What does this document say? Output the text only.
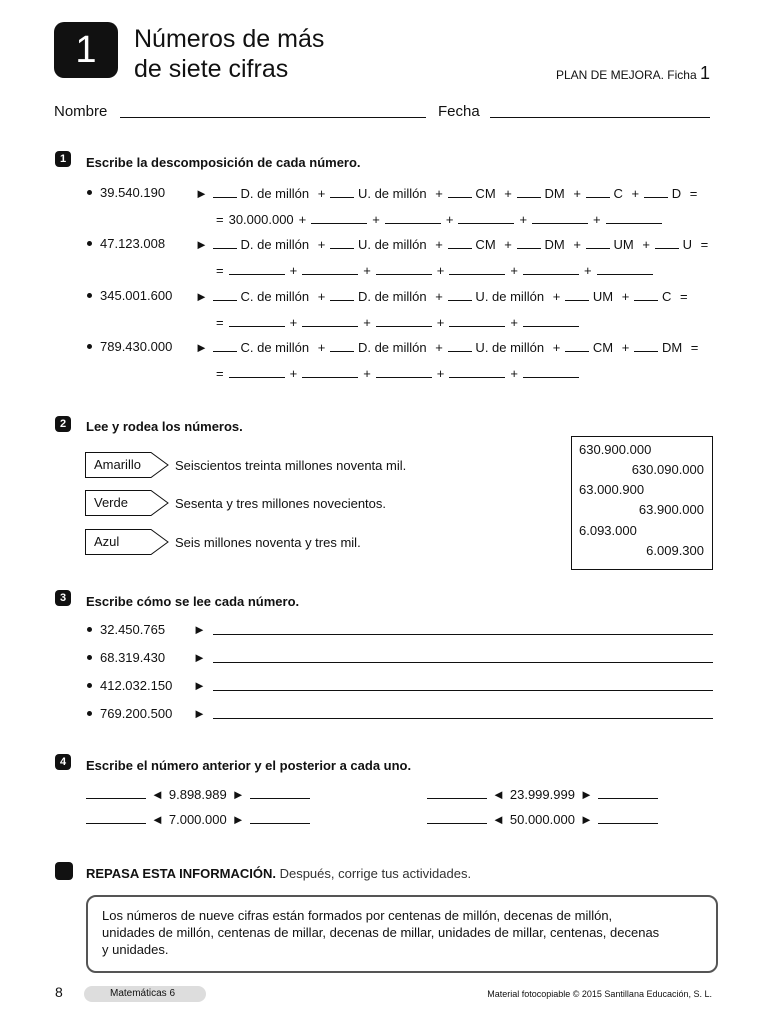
1	Números de más
de siete cifras	PLAN DE MEJORA. Ficha 1
Nombre	Fecha
1	Escribe la descomposición de cada número.
39.540.190	► D. de millón + U. de millón + CM + DM + C + D =
= 30.000.000 +	+	+	+	+
47.123.008	► D. de millón + U. de millón + CM + DM + UM + U =
=	+	+	+	+	+
345.001.600	► C. de millón + D. de millón + U. de millón + UM + C =
=	+	+	+	+
789.430.000	► C. de millón + D. de millón + U. de millón + CM + DM =
=	+	+	+	+
2	Lee y rodea los números.
Amarillo	Seiscientos treinta millones noventa mil.
Verde	Sesenta y tres millones novecientos.
Azul	Seis millones noventa y tres mil.
630.900.000
630.090.000
63.000.900
63.900.000
6.093.000
6.009.300
3	Escribe cómo se lee cada número.
32.450.765 ►
68.319.430 ►
412.032.150 ►
769.200.500 ►
4	Escribe el número anterior y el posterior a cada uno.
◄ 9.898.989 ►	◄ 23.999.999 ►
◄ 7.000.000 ►	◄ 50.000.000 ►
REPASA ESTA INFORMACIÓN. Después, corrige tus actividades.
Los números de nueve cifras están formados por centenas de millón, decenas de millón, unidades de millón, centenas de millar, decenas de millar, unidades de millar, centenas, decenas y unidades.
8	Matemáticas 6	Material fotocopiable © 2015 Santillana Educación, S. L.
